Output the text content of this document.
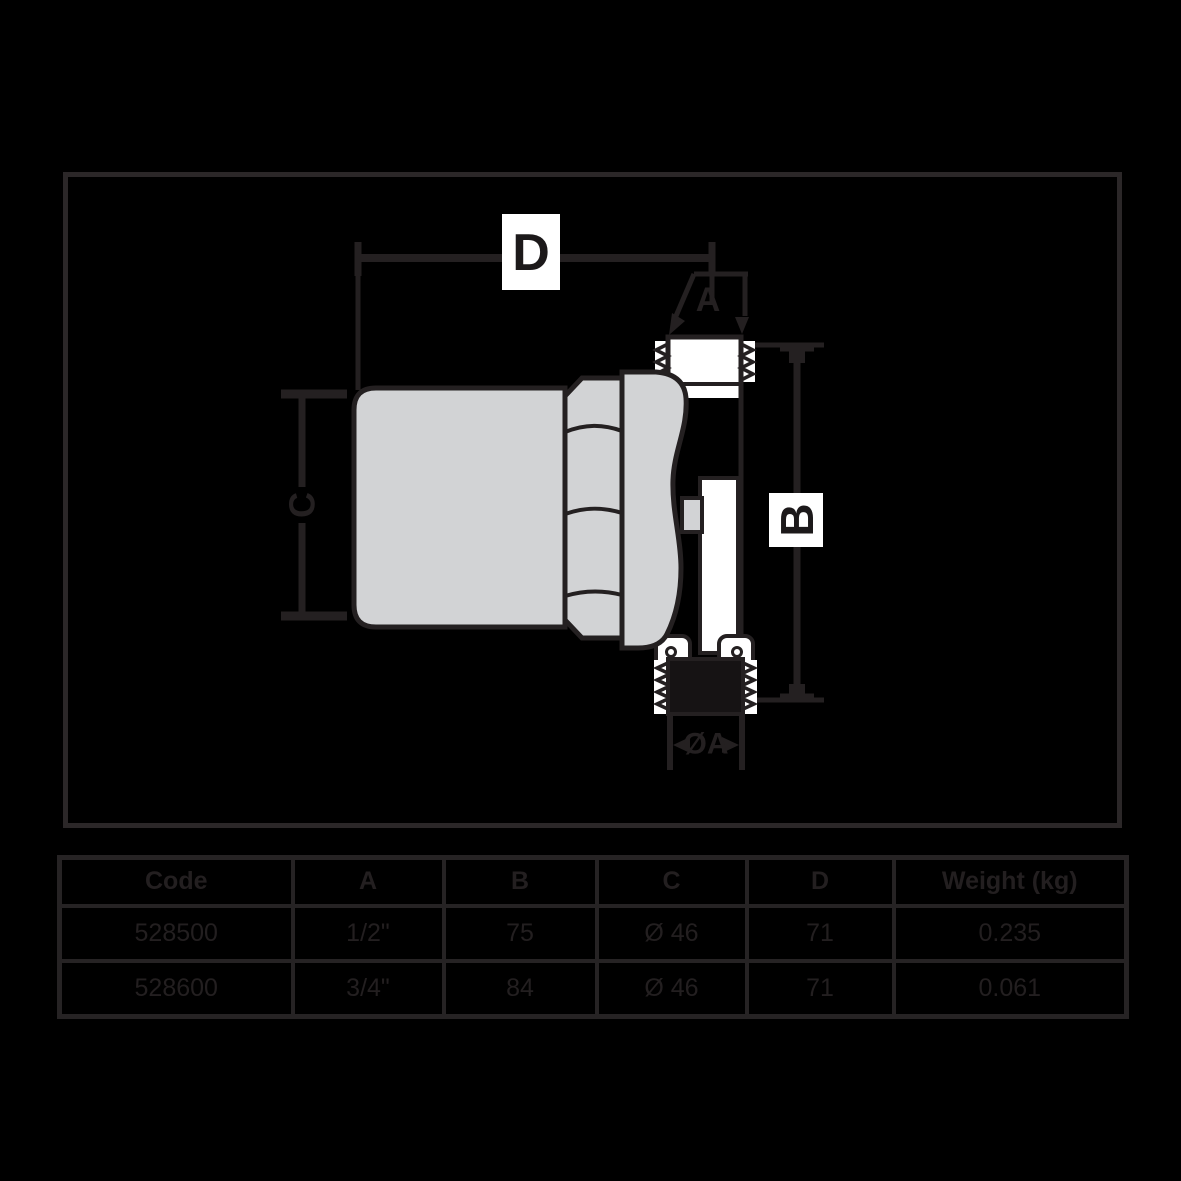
D
B
C
A
ØA
Code	A	B	C	D	Weight (kg)
528500	1/2"	75	Ø 46	71	0.235
528600	3/4"	84	Ø 46	71	0.061
